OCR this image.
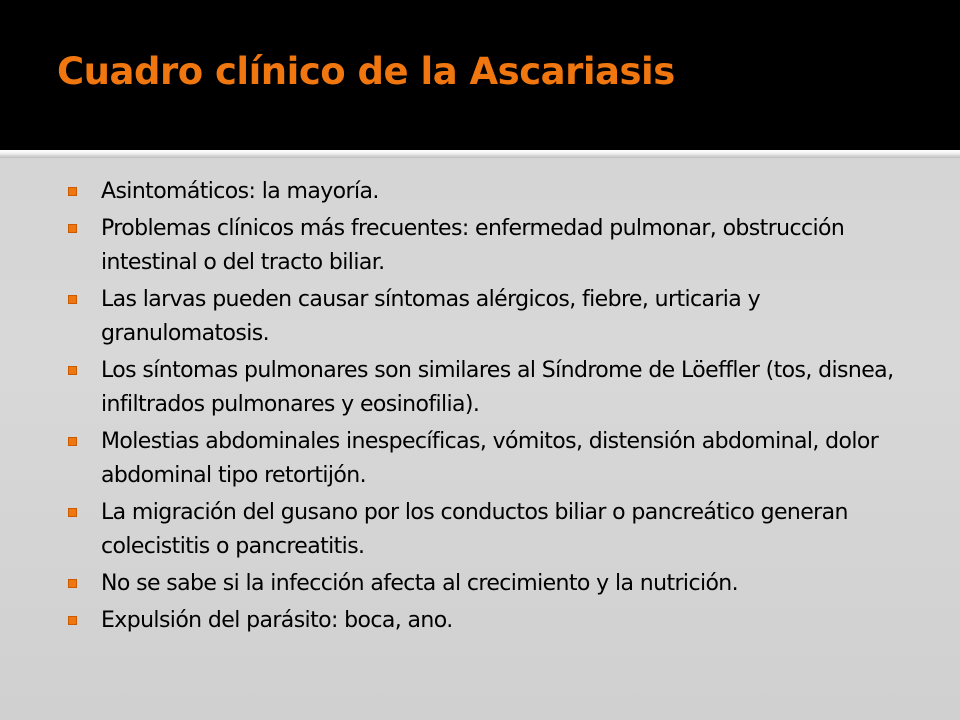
Cuadro clínico de la Ascariasis
Asintomáticos: la mayoría.
Problemas clínicos más frecuentes: enfermedad pulmonar, obstrucción intestinal o del tracto biliar.
Las larvas pueden causar síntomas alérgicos, fiebre, urticaria y granulomatosis.
Los síntomas pulmonares son similares al Síndrome de Löeffler (tos, disnea, infiltrados pulmonares y eosinofilia).
Molestias abdominales inespecíficas, vómitos, distensión abdominal, dolor abdominal tipo retortijón.
La migración del gusano por los conductos biliar o pancreático generan colecistitis o pancreatitis.
No se sabe si la infección afecta al crecimiento y la nutrición.
Expulsión del parásito: boca, ano.
